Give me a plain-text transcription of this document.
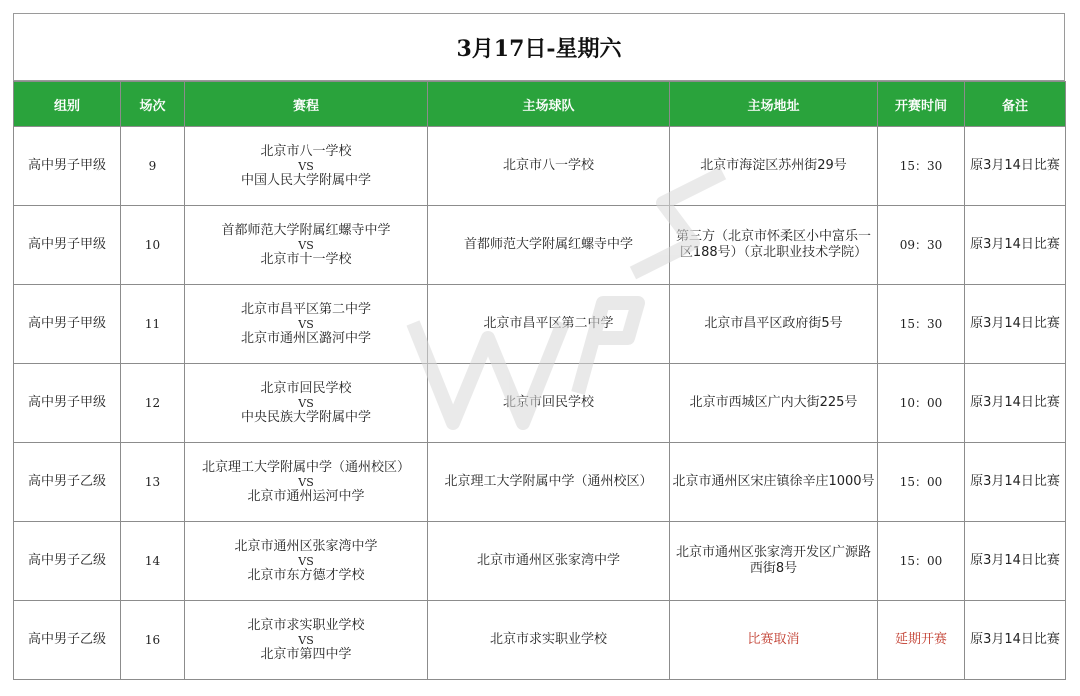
3月17日-星期六
组别	场次	赛程	主场球队	主场地址	开赛时间	备注
高中男子甲级	9	北京市八一学校
VS
中国人民大学附属中学	北京市八一学校	北京市海淀区苏州街29号	15：30	原3月14日比赛
高中男子甲级	10	首都师范大学附属红螺寺中学
VS
北京市十一学校	首都师范大学附属红螺寺中学	第三方（北京市怀柔区小中富乐一区188号）（京北职业技术学院）	09：30	原3月14日比赛
高中男子甲级	11	北京市昌平区第二中学
VS
北京市通州区潞河中学	北京市昌平区第二中学	北京市昌平区政府街5号	15：30	原3月14日比赛
高中男子甲级	12	北京市回民学校
VS
中央民族大学附属中学	北京市回民学校	北京市西城区广内大街225号	10：00	原3月14日比赛
高中男子乙级	13	北京理工大学附属中学（通州校区）
VS
北京市通州运河中学	北京理工大学附属中学（通州校区）	北京市通州区宋庄镇徐辛庄1000号	15：00	原3月14日比赛
高中男子乙级	14	北京市通州区张家湾中学
VS
北京市东方德才学校	北京市通州区张家湾中学	北京市通州区张家湾开发区广源路西街8号	15：00	原3月14日比赛
高中男子乙级	16	北京市求实职业学校
VS
北京市第四中学	北京市求实职业学校	比赛取消	延期开赛	原3月14日比赛
